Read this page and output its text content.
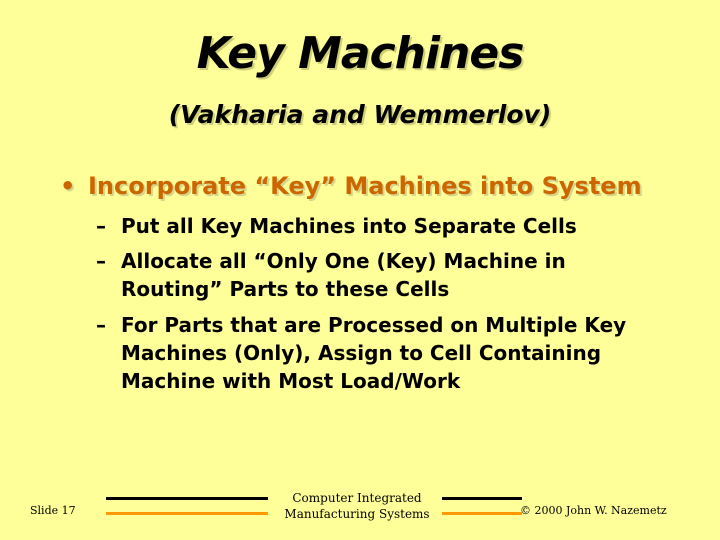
Key Machines
(Vakharia and Wemmerlov)
• Incorporate “Key” Machines into System
– Put all Key Machines into Separate Cells
– Allocate all “Only One (Key) Machine in Routing” Parts to these Cells
– For Parts that are Processed on Multiple Key Machines (Only), Assign to Cell Containing Machine with Most Load/Work
Slide 17
Computer Integrated Manufacturing Systems	© 2000 John W. Nazemetz
